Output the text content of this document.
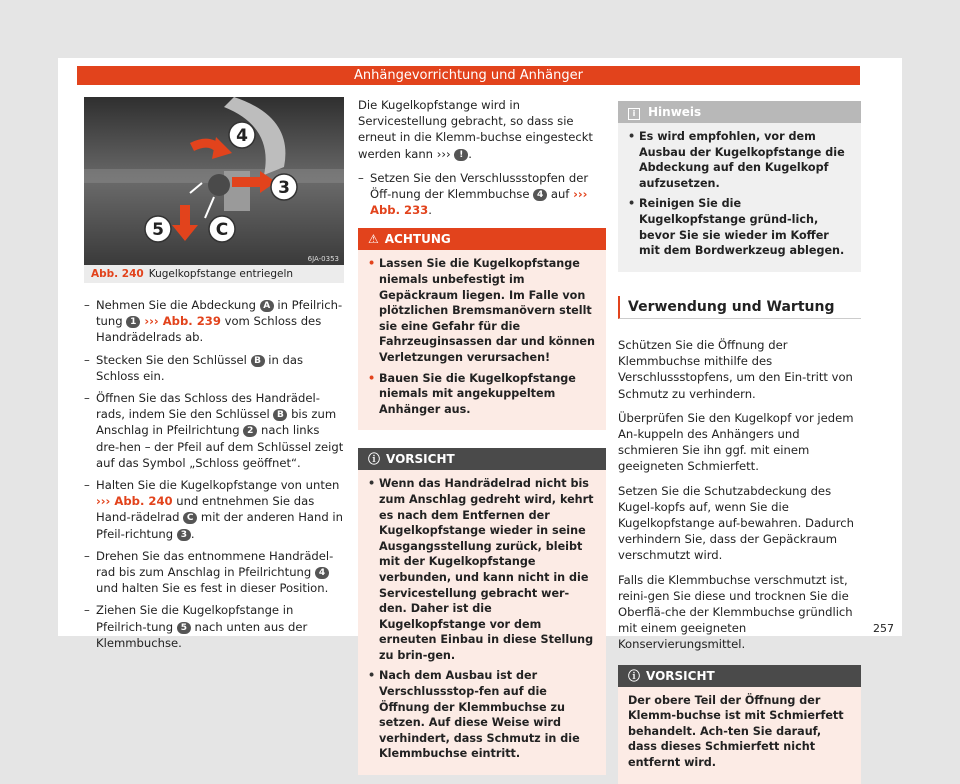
Anhängevorrichtung und Anhänger
4
3
5	C
6JA-0353
Abb. 240 Kugelkopfstange entriegeln
– Nehmen Sie die Abdeckung A in Pfeilrich-tung 1 ››› Abb. 239 vom Schloss des Handrädelrads ab.
– Stecken Sie den Schlüssel B in das Schloss ein.
– Öffnen Sie das Schloss des Handrädel-rads, indem Sie den Schlüssel B bis zum Anschlag in Pfeilrichtung 2 nach links dre-hen – der Pfeil auf dem Schlüssel zeigt auf das Symbol „Schloss geöffnet“.
– Halten Sie die Kugelkopfstange von unten ››› Abb. 240 und entnehmen Sie das Hand-rädelrad C mit der anderen Hand in Pfeil-richtung 3 .
– Drehen Sie das entnommene Handrädel-rad bis zum Anschlag in Pfeilrichtung 4 und halten Sie es fest in dieser Position.
– Ziehen Sie die Kugelkopfstange in Pfeilrich-tung 5 nach unten aus der Klemmbuchse.

Die Kugelkopfstange wird in Servicestellung gebracht, so dass sie erneut in die Klemm-buchse eingesteckt werden kann ››› ! .

– Setzen Sie den Verschlussstopfen der Öff-nung der Klemmbuchse 4 auf ››› Abb. 233.
⚠ ACHTUNG

• Lassen Sie die Kugelkopfstange niemals unbefestigt im Gepäckraum liegen. Im Falle von plötzlichen Bremsmanövern stellt sie eine Gefahr für die Fahrzeuginsassen dar und können Verletzungen verursachen!

• Bauen Sie die Kugelkopfstange niemals mit angekuppeltem Anhänger aus.

ⓘ VORSICHT

• Wenn das Handrädelrad nicht bis zum Anschlag gedreht wird, kehrt es nach dem Entfernen der Kugelkopfstange wieder in seine Ausgangsstellung zurück, bleibt mit der Kugelkopfstange verbunden, und kann nicht in die Servicestellung gebracht wer-den. Daher ist die Kugelkopfstange vor dem erneuten Einbau in diese Stellung zu brin-gen.

• Nach dem Ausbau ist der Verschlussstop-fen auf die Öffnung der Klemmbuchse zu setzen. Auf diese Weise wird verhindert, dass Schmutz in die Klemmbuchse eintritt.

i Hinweis

• Es wird empfohlen, vor dem Ausbau der Kugelkopfstange die Abdeckung auf den Kugelkopf aufzusetzen.

• Reinigen Sie die Kugelkopfstange gründ-lich, bevor Sie sie wieder im Koffer mit dem Bordwerkzeug ablegen.

Verwendung und Wartung

Schützen Sie die Öffnung der Klemmbuchse mithilfe des Verschlussstopfens, um den Ein-tritt von Schmutz zu verhindern.

Überprüfen Sie den Kugelkopf vor jedem An-kuppeln des Anhängers und schmieren Sie ihn ggf. mit einem geeigneten Schmierfett.

Setzen Sie die Schutzabdeckung des Kugel-kopfs auf, wenn Sie die Kugelkopfstange auf-bewahren. Dadurch verhindern Sie, dass der Gepäckraum verschmutzt wird.

Falls die Klemmbuchse verschmutzt ist, reini-gen Sie diese und trocknen Sie die Oberflä-che der Klemmbuchse gründlich mit einem geeigneten Konservierungsmittel.

ⓘ VORSICHT

Der obere Teil der Öffnung der Klemm-buchse ist mit Schmierfett behandelt. Ach-ten Sie darauf, dass dieses Schmierfett nicht entfernt wird.

257
